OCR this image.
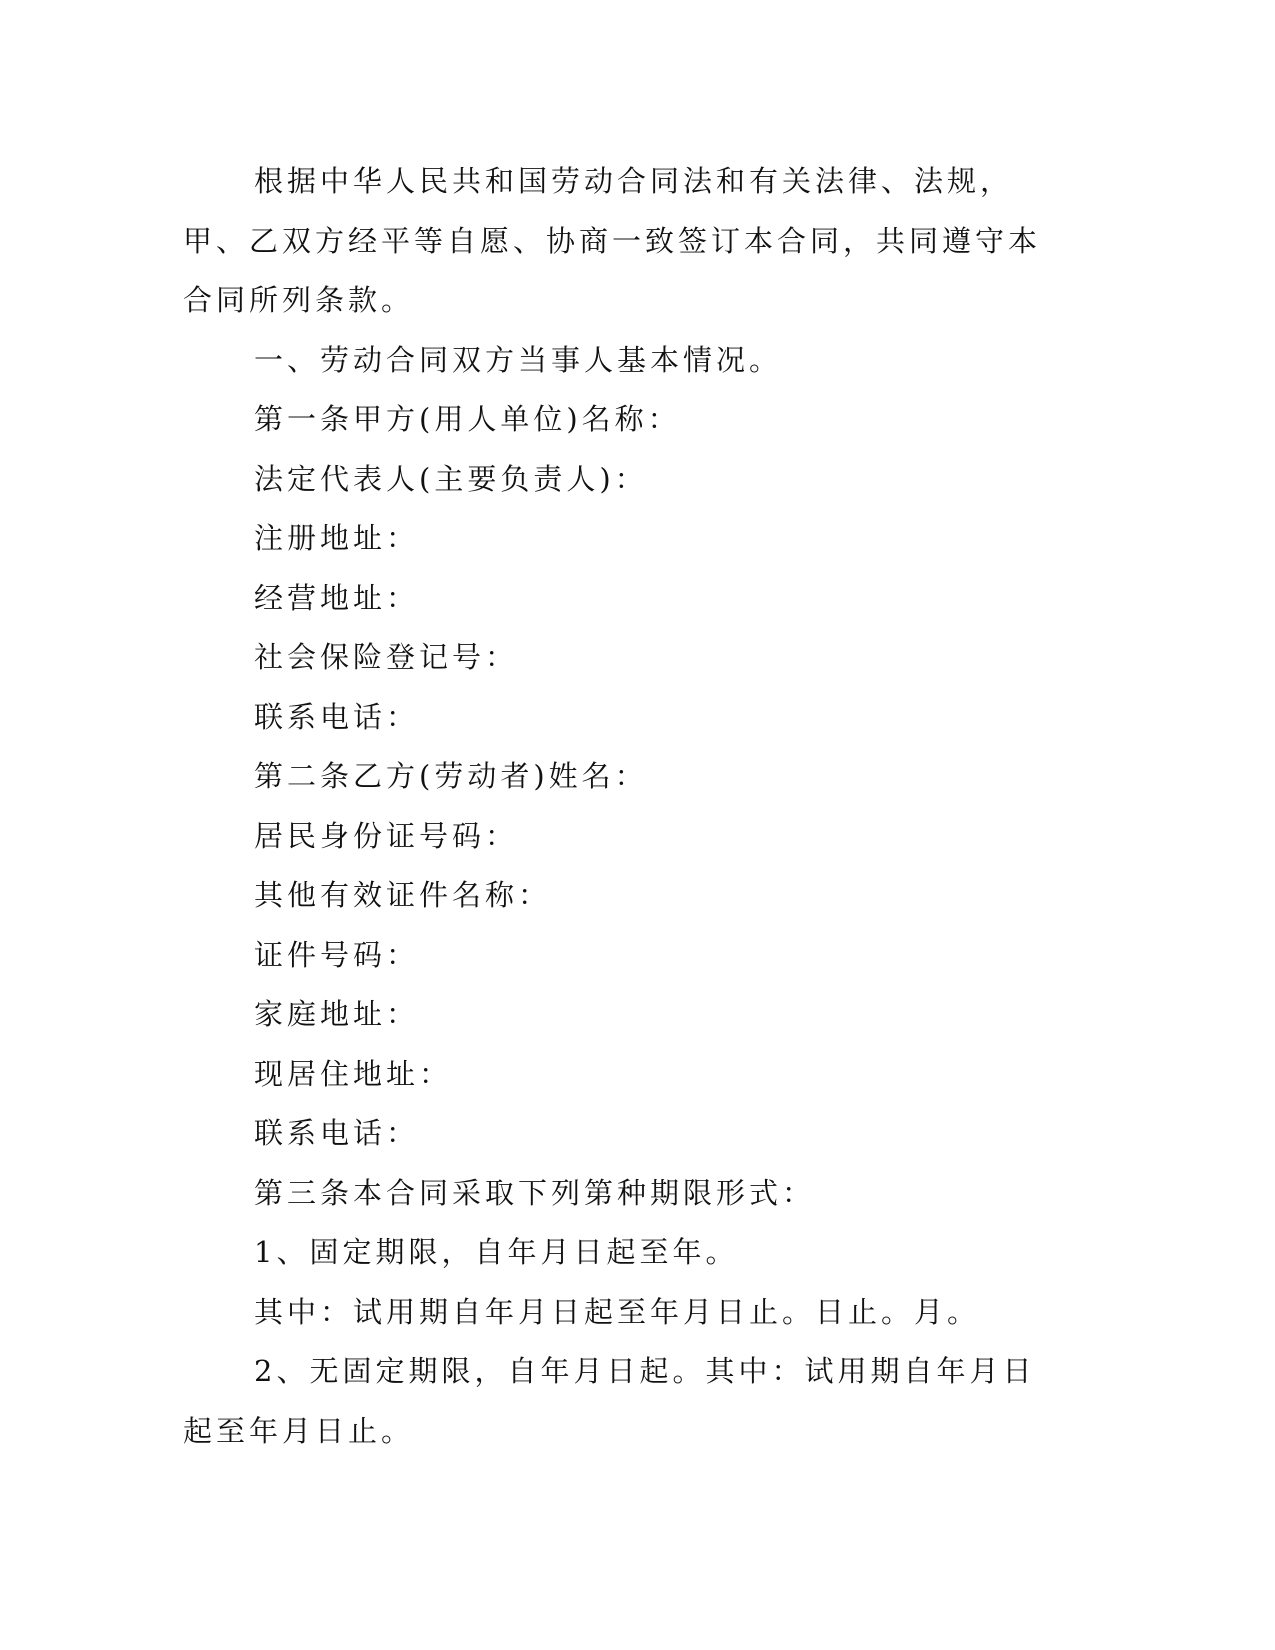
根据中华人民共和国劳动合同法和有关法律、法规，甲、乙双方经平等自愿、协商一致签订本合同，共同遵守本合同所列条款。

一、劳动合同双方当事人基本情况。

第一条甲方(用人单位)名称：

法定代表人(主要负责人)：

注册地址：

经营地址：

社会保险登记号：

联系电话：

第二条乙方(劳动者)姓名：

居民身份证号码：

其他有效证件名称：

证件号码：

家庭地址：

现居住地址：

联系电话：

第三条本合同采取下列第种期限形式：

1、固定期限，自年月日起至年。

其中：试用期自年月日起至年月日止。日止。月。

2、无固定期限，自年月日起。其中：试用期自年月日起至年月日止。
